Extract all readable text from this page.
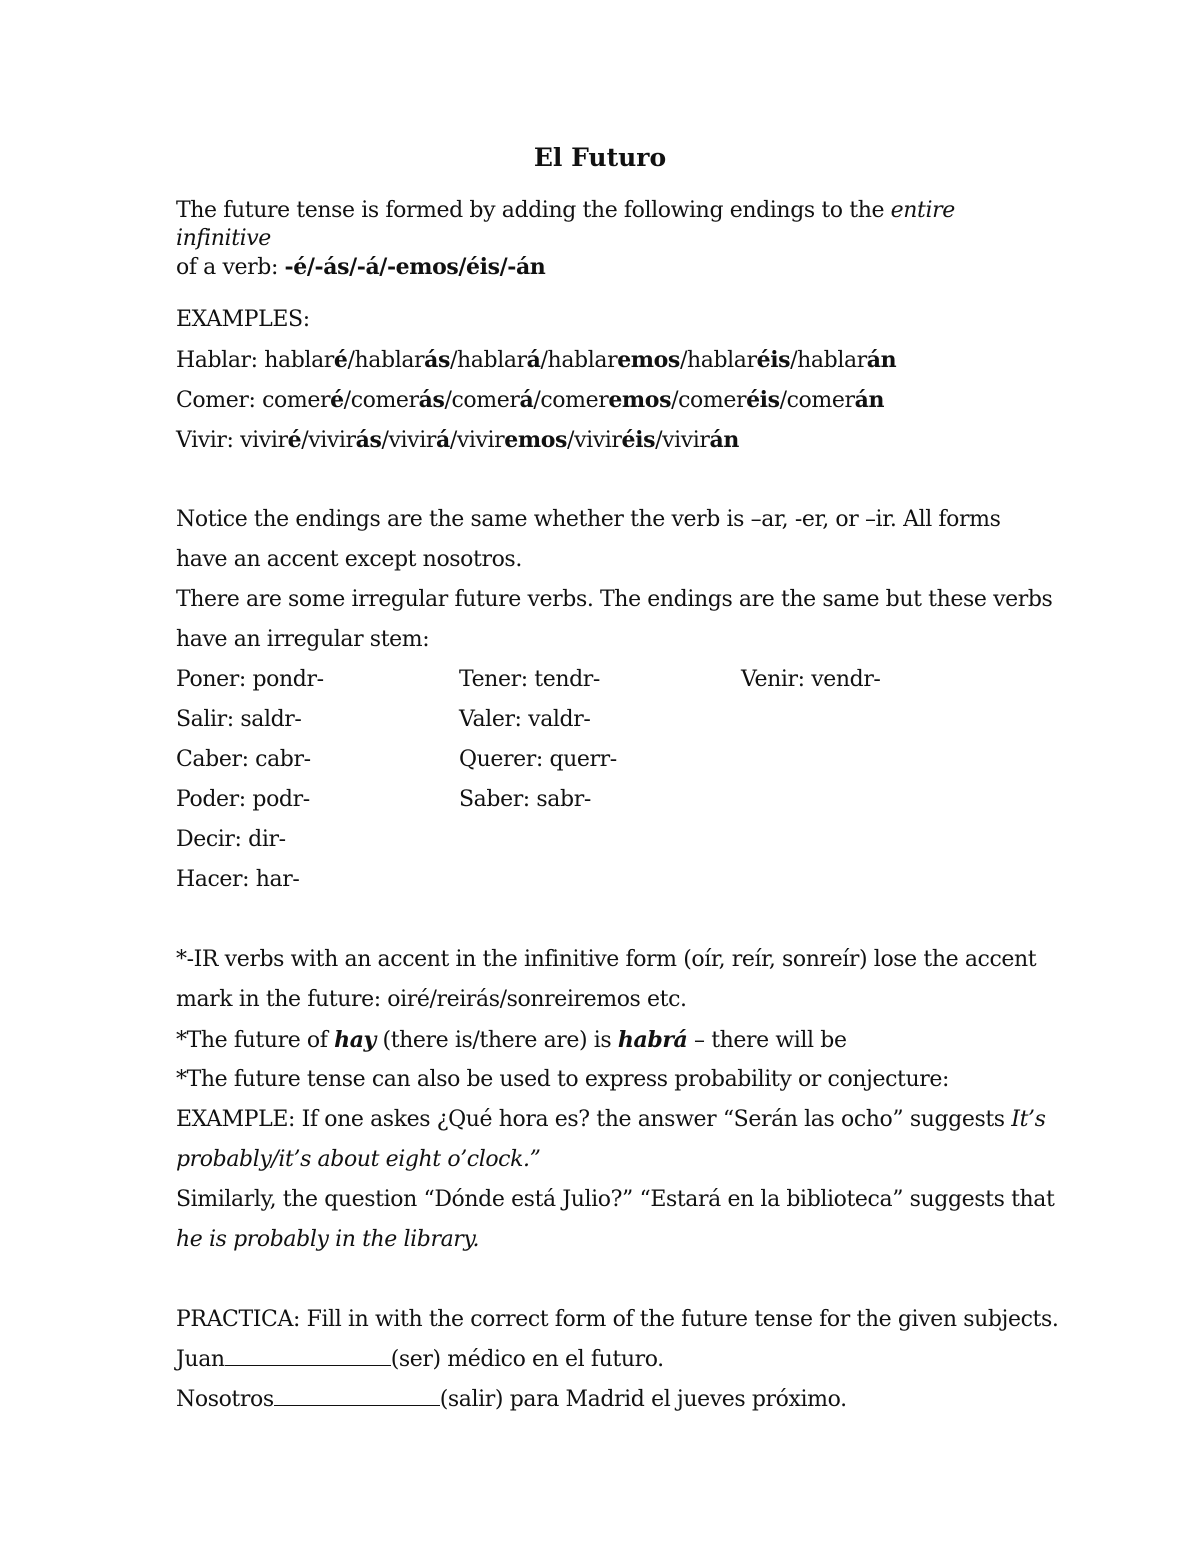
El Futuro

The future tense is formed by adding the following endings to the entire infinitive
of a verb: -é/-ás/-á/-emos/éis/-án

EXAMPLES:
Hablar: hablaré/hablarás/hablará/hablaremos/hablaréis/hablarán
Comer: comeré/comerás/comerá/comeremos/comeréis/comerán
Vivir: viviré/vivirás/vivirá/viviremos/viviréis/vivirán
Notice the endings are the same whether the verb is –ar, -er, or –ir. All forms
have an accent except nosotros.
There are some irregular future verbs. The endings are the same but these verbs
have an irregular stem:
Poner: pondr-	Tener: tendr-	Venir: vendr-
Salir: saldr-	Valer: valdr-
Caber: cabr-	Querer: querr-
Poder: podr-	Saber: sabr-
Decir: dir-
Hacer: har-
*-IR verbs with an accent in the infinitive form (oír, reír, sonreír) lose the accent
mark in the future: oiré/reirás/sonreiremos etc.
*The future of hay (there is/there are) is habrá – there will be
*The future tense can also be used to express probability or conjecture:
EXAMPLE: If one askes ¿Qué hora es? the answer “Serán las ocho” suggests It’s
probably/it’s about eight o’clock.”
Similarly, the question “Dónde está Julio?” “Estará en la biblioteca” suggests that
he is probably in the library.
PRACTICA: Fill in with the correct form of the future tense for the given subjects.
Juan	(ser) médico en el futuro.
Nosotros	(salir) para Madrid el jueves próximo.
